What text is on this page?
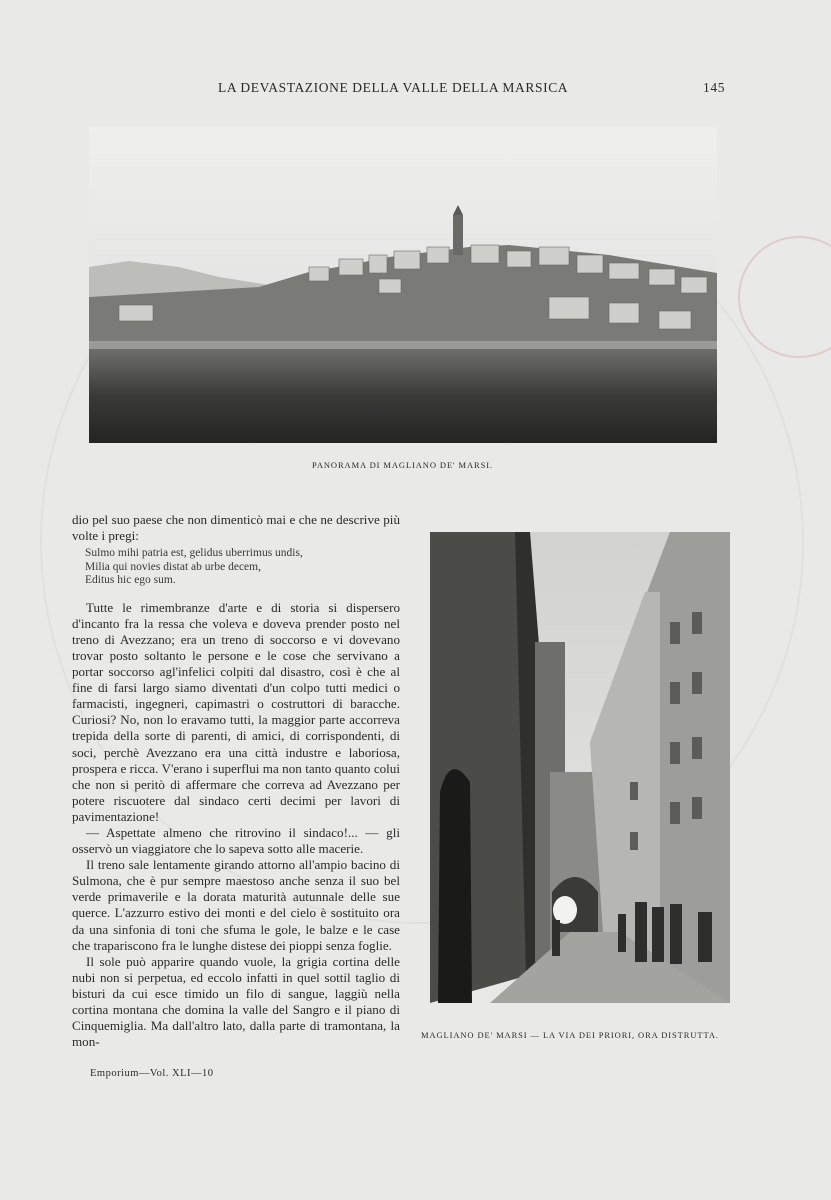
LA DEVASTAZIONE DELLA VALLE DELLA MARSICA	145
PANORAMA DI MAGLIANO DE' MARSI.
MAGLIANO DE' MARSI — LA VIA DEI PRIORI, ORA DISTRUTTA.

dio pel suo paese che non dimenticò mai e che ne descrive più volte i pregi:

Sulmo mihi patria est, gelidus uberrimus undis,
Milia qui novies distat ab urbe decem,
Editus hic ego sum.

Tutte le rimembranze d'arte e di storia si dispersero d'incanto fra la ressa che voleva e doveva prender posto nel treno di Avezzano; era un treno di soccorso e vi dovevano trovar posto soltanto le persone e le cose che servivano a portar soccorso agl'infelici colpiti dal disastro, così è che al fine di farsi largo siamo diventati d'un colpo tutti medici o farmacisti, ingegneri, capimastri o costruttori di baracche. Curiosi? No, non lo eravamo tutti, la maggior parte accorreva trepida della sorte di parenti, di amici, di corrispondenti, di soci, perchè Avezzano era una città industre e laboriosa, prospera e ricca. V'erano i superflui ma non tanto quanto colui che non si peritò di affermare che correva ad Avezzano per potere riscuotere dal sindaco certi decimi per lavori di pavimentazione!

— Aspettate almeno che ritrovino il sindaco!... — gli osservò un viaggiatore che lo sapeva sotto alle macerie.

Il treno sale lentamente girando attorno all'ampio bacino di Sulmona, che è pur sempre maestoso anche senza il suo bel verde primaverile e la dorata maturità autunnale delle sue querce. L'azzurro estivo dei monti e del cielo è sostituito ora da una sinfonia di toni che sfuma le gole, le balze e le case che trapariscono fra le lunghe distese dei pioppi senza foglie.

Il sole può apparire quando vuole, la grigia cortina delle nubi non si perpetua, ed eccolo infatti in quel sottil taglio di bisturi da cui esce timido un filo di sangue, laggiù nella cortina montana che domina la valle del Sangro e il piano di Cinquemiglia. Ma dall'altro lato, dalla parte di tramontana, la mon-

Emporium—Vol. XLI—10
